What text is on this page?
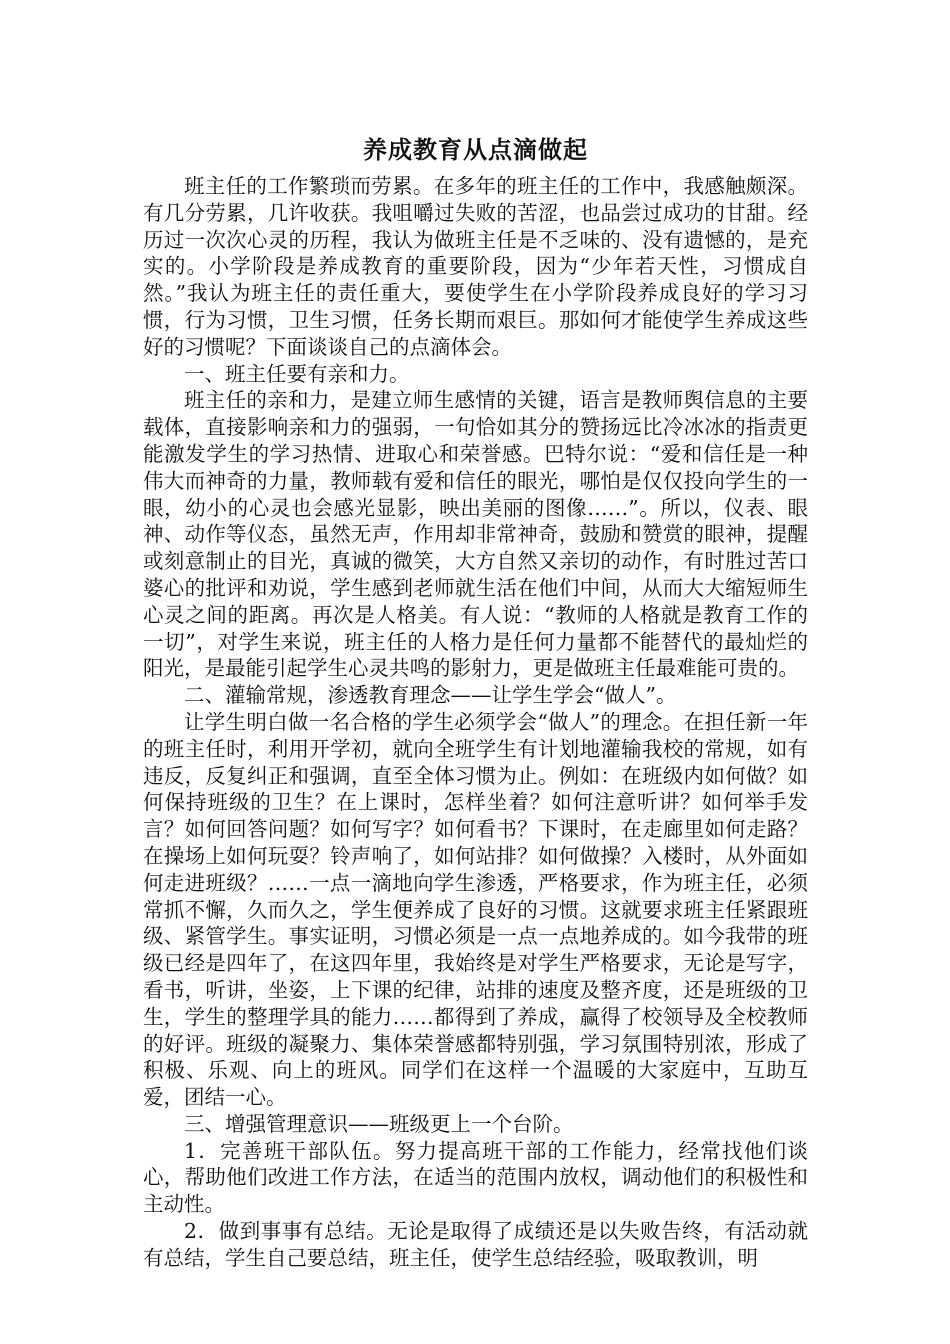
养成教育从点滴做起

班主任的工作繁琐而劳累。在多年的班主任的工作中，我感触颇深。有几分劳累，几许收获。我咀嚼过失败的苦涩，也品尝过成功的甘甜。经历过一次次心灵的历程，我认为做班主任是不乏味的、没有遗憾的，是充实的。小学阶段是养成教育的重要阶段，因为“少年若天性，习惯成自然。”我认为班主任的责任重大，要使学生在小学阶段养成良好的学习习惯，行为习惯，卫生习惯，任务长期而艰巨。那如何才能使学生养成这些好的习惯呢？下面谈谈自己的点滴体会。

一、班主任要有亲和力。

班主任的亲和力，是建立师生感情的关键，语言是教师舆信息的主要载体，直接影响亲和力的强弱，一句恰如其分的赞扬远比冷冰冰的指责更能激发学生的学习热情、进取心和荣誉感。巴特尔说：“爱和信任是一种伟大而神奇的力量，教师载有爱和信任的眼光，哪怕是仅仅投向学生的一眼，幼小的心灵也会感光显影，映出美丽的图像……”。所以，仪表、眼神、动作等仪态，虽然无声，作用却非常神奇，鼓励和赞赏的眼神，提醒或刻意制止的目光，真诚的微笑，大方自然又亲切的动作，有时胜过苦口婆心的批评和劝说，学生感到老师就生活在他们中间，从而大大缩短师生心灵之间的距离。再次是人格美。有人说：“教师的人格就是教育工作的一切”，对学生来说，班主任的人格力是任何力量都不能替代的最灿烂的阳光，是最能引起学生心灵共鸣的影射力，更是做班主任最难能可贵的。

二、灌输常规，渗透教育理念——让学生学会“做人”。

让学生明白做一名合格的学生必须学会“做人”的理念。在担任新一年的班主任时，利用开学初，就向全班学生有计划地灌输我校的常规，如有违反，反复纠正和强调，直至全体习惯为止。例如：在班级内如何做？如何保持班级的卫生？在上课时，怎样坐着？如何注意听讲？如何举手发言？如何回答问题？如何写字？如何看书？下课时，在走廊里如何走路？在操场上如何玩耍？铃声响了，如何站排？如何做操？入楼时，从外面如何走进班级？……一点一滴地向学生渗透，严格要求，作为班主任，必须常抓不懈，久而久之，学生便养成了良好的习惯。这就要求班主任紧跟班级、紧管学生。事实证明，习惯必须是一点一点地养成的。如今我带的班级已经是四年了，在这四年里，我始终是对学生严格要求，无论是写字，看书，听讲，坐姿，上下课的纪律，站排的速度及整齐度，还是班级的卫生，学生的整理学具的能力……都得到了养成，赢得了校领导及全校教师的好评。班级的凝聚力、集体荣誉感都特别强，学习氛围特别浓，形成了积极、乐观、向上的班风。同学们在这样一个温暖的大家庭中，互助互爱，团结一心。

三、增强管理意识——班级更上一个台阶。

1．完善班干部队伍。努力提高班干部的工作能力，经常找他们谈心，帮助他们改进工作方法，在适当的范围内放权，调动他们的积极性和主动性。

2．做到事事有总结。无论是取得了成绩还是以失败告终，有活动就有总结，学生自己要总结，班主任，使学生总结经验，吸取教训，明
